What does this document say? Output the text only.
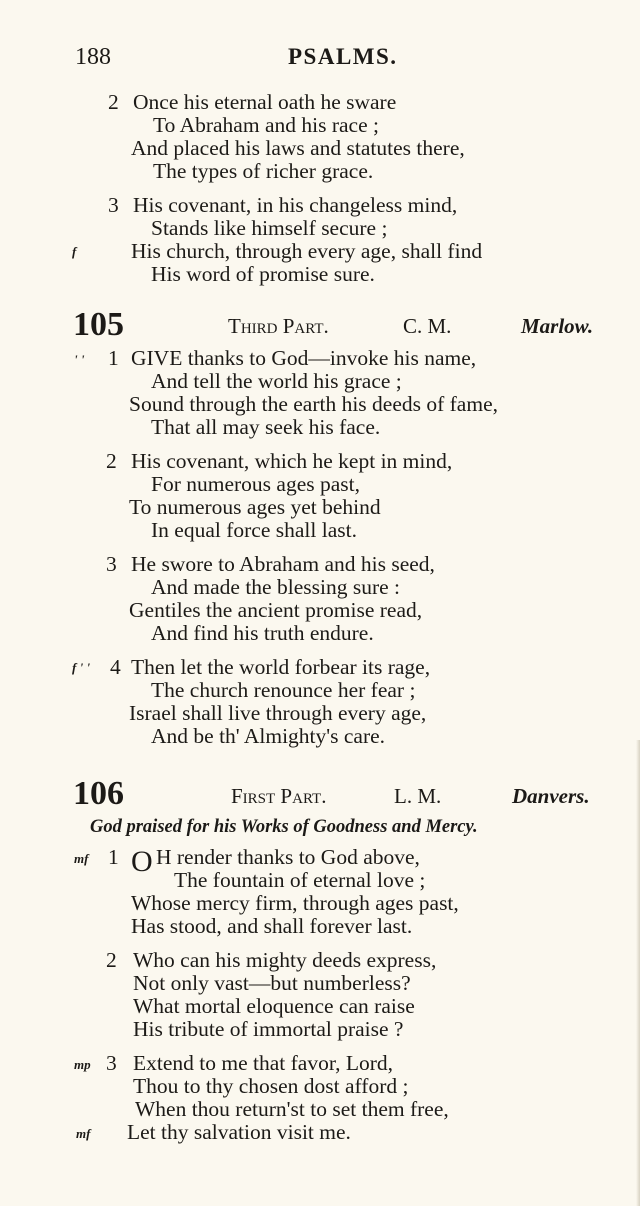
188	PSALMS.
2 Once his eternal oath he sware
To Abraham and his race ;
And placed his laws and statutes there,
The types of richer grace.
3 His covenant, in his changeless mind,
Stands like himself secure ;
f	His church, through every age, shall find
His word of promise sure.
105	Third Part.	C. M.	Marlow.
' ' 1 GIVE thanks to God—invoke his name,
And tell the world his grace ;
Sound through the earth his deeds of fame,
That all may seek his face.
2 His covenant, which he kept in mind,
For numerous ages past,
To numerous ages yet behind
In equal force shall last.
3 He swore to Abraham and his seed,
And made the blessing sure :
Gentiles the ancient promise read,
And find his truth endure.
f ' ' 4 Then let the world forbear its rage,
The church renounce her fear ;
Israel shall live through every age,
And be th' Almighty's care.
106	First Part.	L. M.	Danvers.
God praised for his Works of Goodness and Mercy.
mf 1 O H render thanks to God above,
The fountain of eternal love ;
Whose mercy firm, through ages past,
Has stood, and shall forever last.
2 Who can his mighty deeds express,
Not only vast—but numberless?
What mortal eloquence can raise
His tribute of immortal praise ?
mp 3 Extend to me that favor, Lord,
Thou to thy chosen dost afford ;
When thou return'st to set them free,
mf Let thy salvation visit me.
